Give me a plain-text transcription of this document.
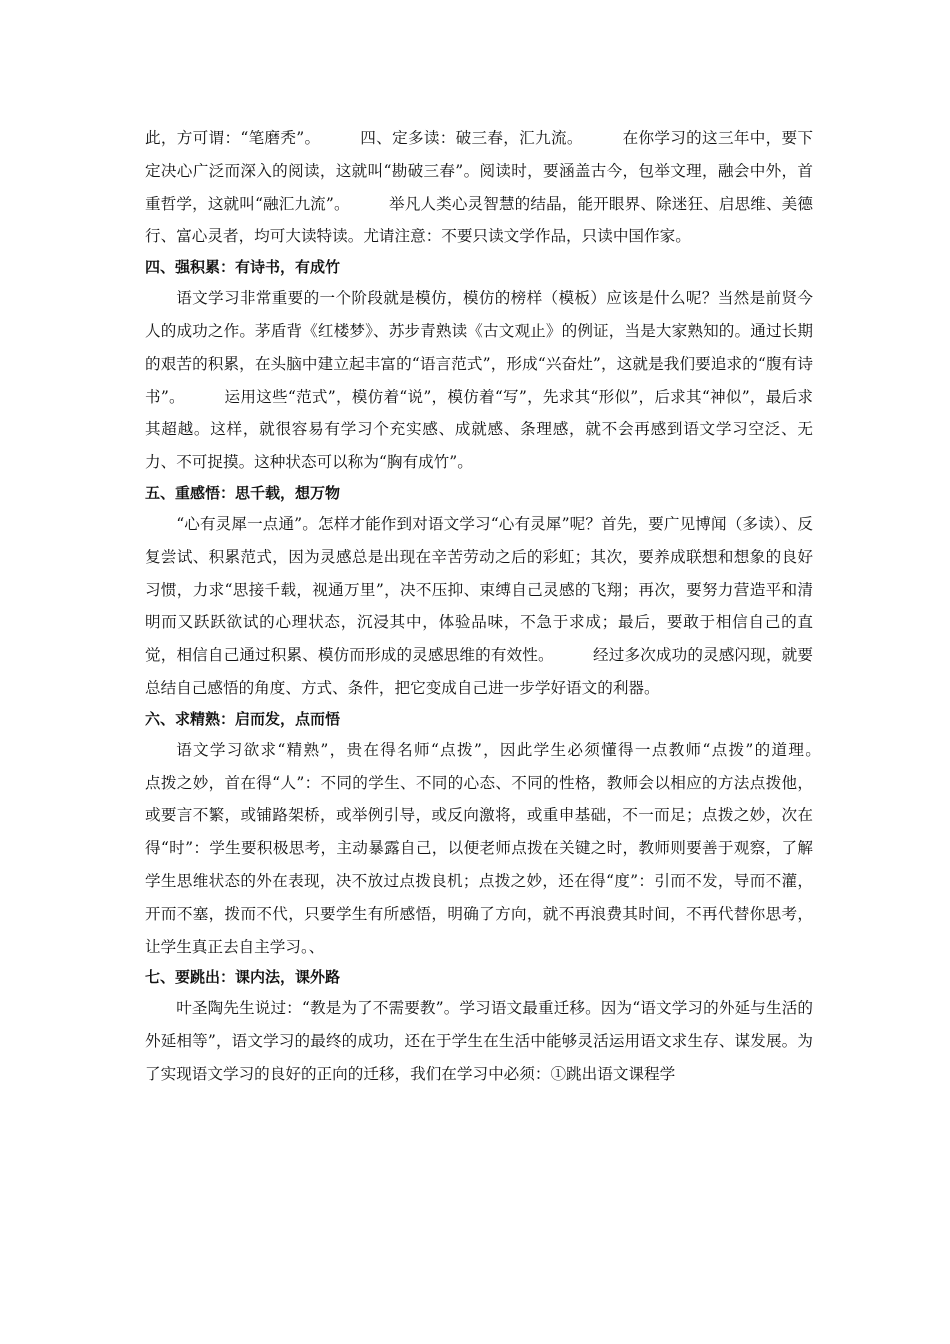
此，方可谓：“笔磨秃”。　　　四、定多读：破三春，汇九流。　　　在你学习的这三年中，要下定决心广泛而深入的阅读，这就叫“勘破三春”。阅读时，要涵盖古今，包举文理，融会中外，首重哲学，这就叫“融汇九流”。　　　举凡人类心灵智慧的结晶，能开眼界、除迷狂、启思维、美德行、富心灵者，均可大读特读。尤请注意：不要只读文学作品，只读中国作家。

四、强积累：有诗书，有成竹

语文学习非常重要的一个阶段就是模仿，模仿的榜样（模板）应该是什么呢？当然是前贤今人的成功之作。茅盾背《红楼梦》、苏步青熟读《古文观止》的例证，当是大家熟知的。通过长期的艰苦的积累，在头脑中建立起丰富的“语言范式”，形成“兴奋灶”，这就是我们要追求的“腹有诗书”。　　　运用这些“范式”，模仿着“说”，模仿着“写”，先求其“形似”，后求其“神似”，最后求其超越。这样，就很容易有学习个充实感、成就感、条理感，就不会再感到语文学习空泛、无力、不可捉摸。这种状态可以称为“胸有成竹”。

五、重感悟：思千载，想万物

“心有灵犀一点通”。怎样才能作到对语文学习“心有灵犀”呢？首先，要广见博闻（多读）、反复尝试、积累范式，因为灵感总是出现在辛苦劳动之后的彩虹；其次，要养成联想和想象的良好习惯，力求“思接千载，视通万里”，决不压抑、束缚自己灵感的飞翔；再次，要努力营造平和清明而又跃跃欲试的心理状态，沉浸其中，体验品味，不急于求成；最后，要敢于相信自己的直觉，相信自己通过积累、模仿而形成的灵感思维的有效性。　　　经过多次成功的灵感闪现，就要总结自己感悟的角度、方式、条件，把它变成自己进一步学好语文的利器。

六、求精熟：启而发，点而悟

语文学习欲求“精熟”，贵在得名师“点拨”，因此学生必须懂得一点教师“点拨”的道理。　　　点拨之妙，首在得“人”：不同的学生、不同的心态、不同的性格，教师会以相应的方法点拨他，或要言不繁，或铺路架桥，或举例引导，或反向激将，或重申基础，不一而足；点拨之妙，次在得“时”：学生要积极思考，主动暴露自己，以便老师点拨在关键之时，教师则要善于观察，了解学生思维状态的外在表现，决不放过点拨良机；点拨之妙，还在得“度”：引而不发，导而不灌，开而不塞，拨而不代，只要学生有所感悟，明确了方向，就不再浪费其时间，不再代替你思考，让学生真正去自主学习。、

七、要跳出：课内法，课外路

叶圣陶先生说过：“教是为了不需要教”。学习语文最重迁移。因为“语文学习的外延与生活的外延相等”，语文学习的最终的成功，还在于学生在生活中能够灵活运用语文求生存、谋发展。为了实现语文学习的良好的正向的迁移，我们在学习中必须：①跳出语文课程学
